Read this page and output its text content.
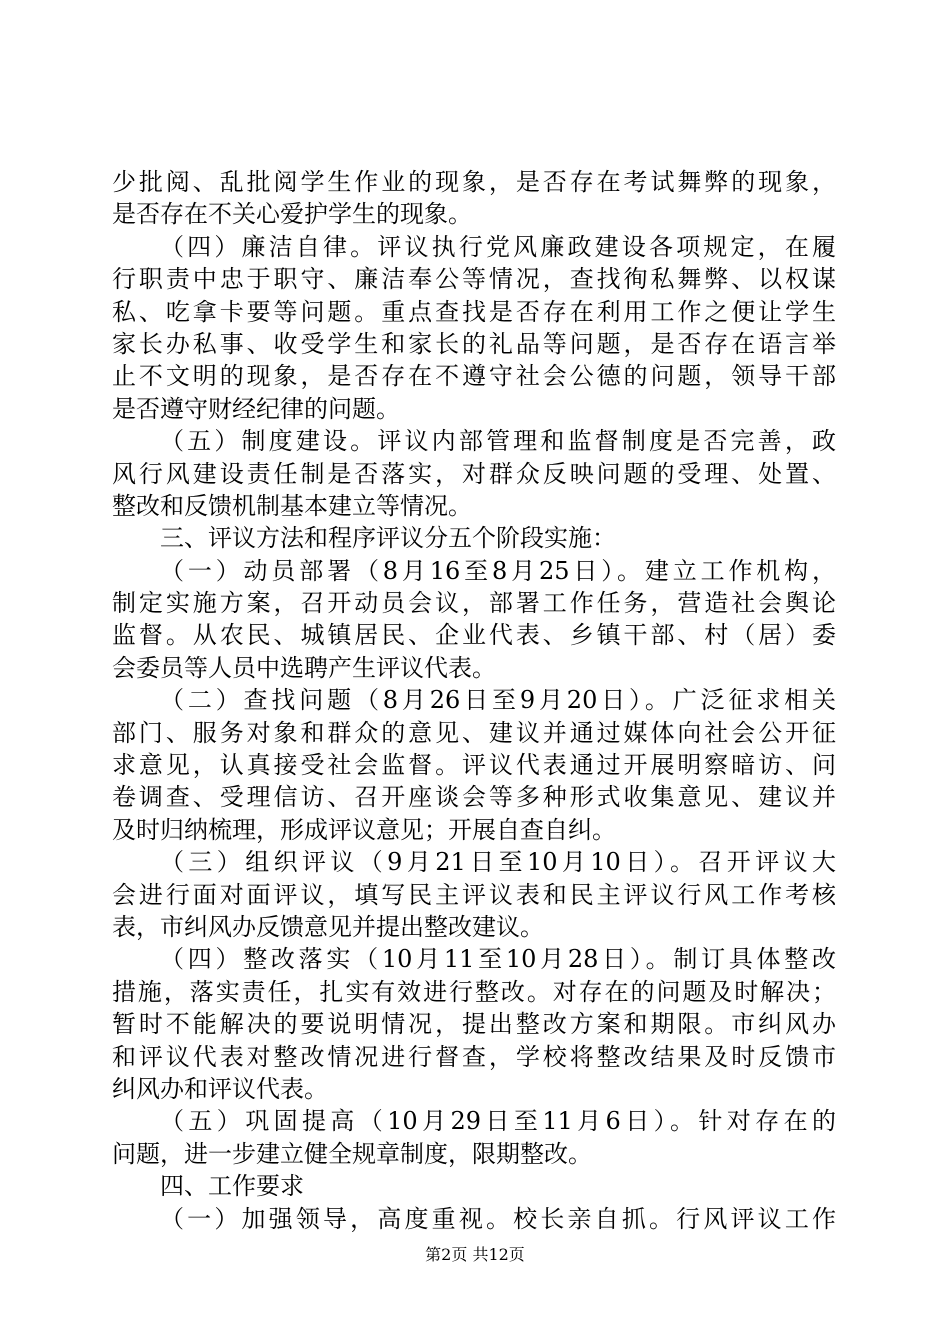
少批阅、乱批阅学生作业的现象，是否存在考试舞弊的现象，
是否存在不关心爱护学生的现象。
（四）廉洁自律。评议执行党风廉政建设各项规定，在履
行职责中忠于职守、廉洁奉公等情况，查找徇私舞弊、以权谋
私、吃拿卡要等问题。重点查找是否存在利用工作之便让学生
家长办私事、收受学生和家长的礼品等问题，是否存在语言举
止不文明的现象，是否存在不遵守社会公德的问题，领导干部
是否遵守财经纪律的问题。
（五）制度建设。评议内部管理和监督制度是否完善，政
风行风建设责任制是否落实，对群众反映问题的受理、处置、
整改和反馈机制基本建立等情况。
三、评议方法和程序评议分五个阶段实施：
（一）动员部署（8月16至8月25日）。建立工作机构，
制定实施方案，召开动员会议，部署工作任务，营造社会舆论
监督。从农民、城镇居民、企业代表、乡镇干部、村（居）委
会委员等人员中选聘产生评议代表。
（二）查找问题（8月26日至9月20日）。广泛征求相关
部门、服务对象和群众的意见、建议并通过媒体向社会公开征
求意见，认真接受社会监督。评议代表通过开展明察暗访、问
卷调查、受理信访、召开座谈会等多种形式收集意见、建议并
及时归纳梳理，形成评议意见；开展自查自纠。
（三）组织评议（9月21日至10月10日）。召开评议大
会进行面对面评议，填写民主评议表和民主评议行风工作考核
表，市纠风办反馈意见并提出整改建议。
（四）整改落实（10月11至10月28日）。制订具体整改
措施，落实责任，扎实有效进行整改。对存在的问题及时解决；
暂时不能解决的要说明情况，提出整改方案和期限。市纠风办
和评议代表对整改情况进行督查，学校将整改结果及时反馈市
纠风办和评议代表。
（五）巩固提高（10月29日至11月6日）。针对存在的
问题，进一步建立健全规章制度，限期整改。
四、工作要求
（一）加强领导，高度重视。校长亲自抓。行风评议工作
第2页 共12页
